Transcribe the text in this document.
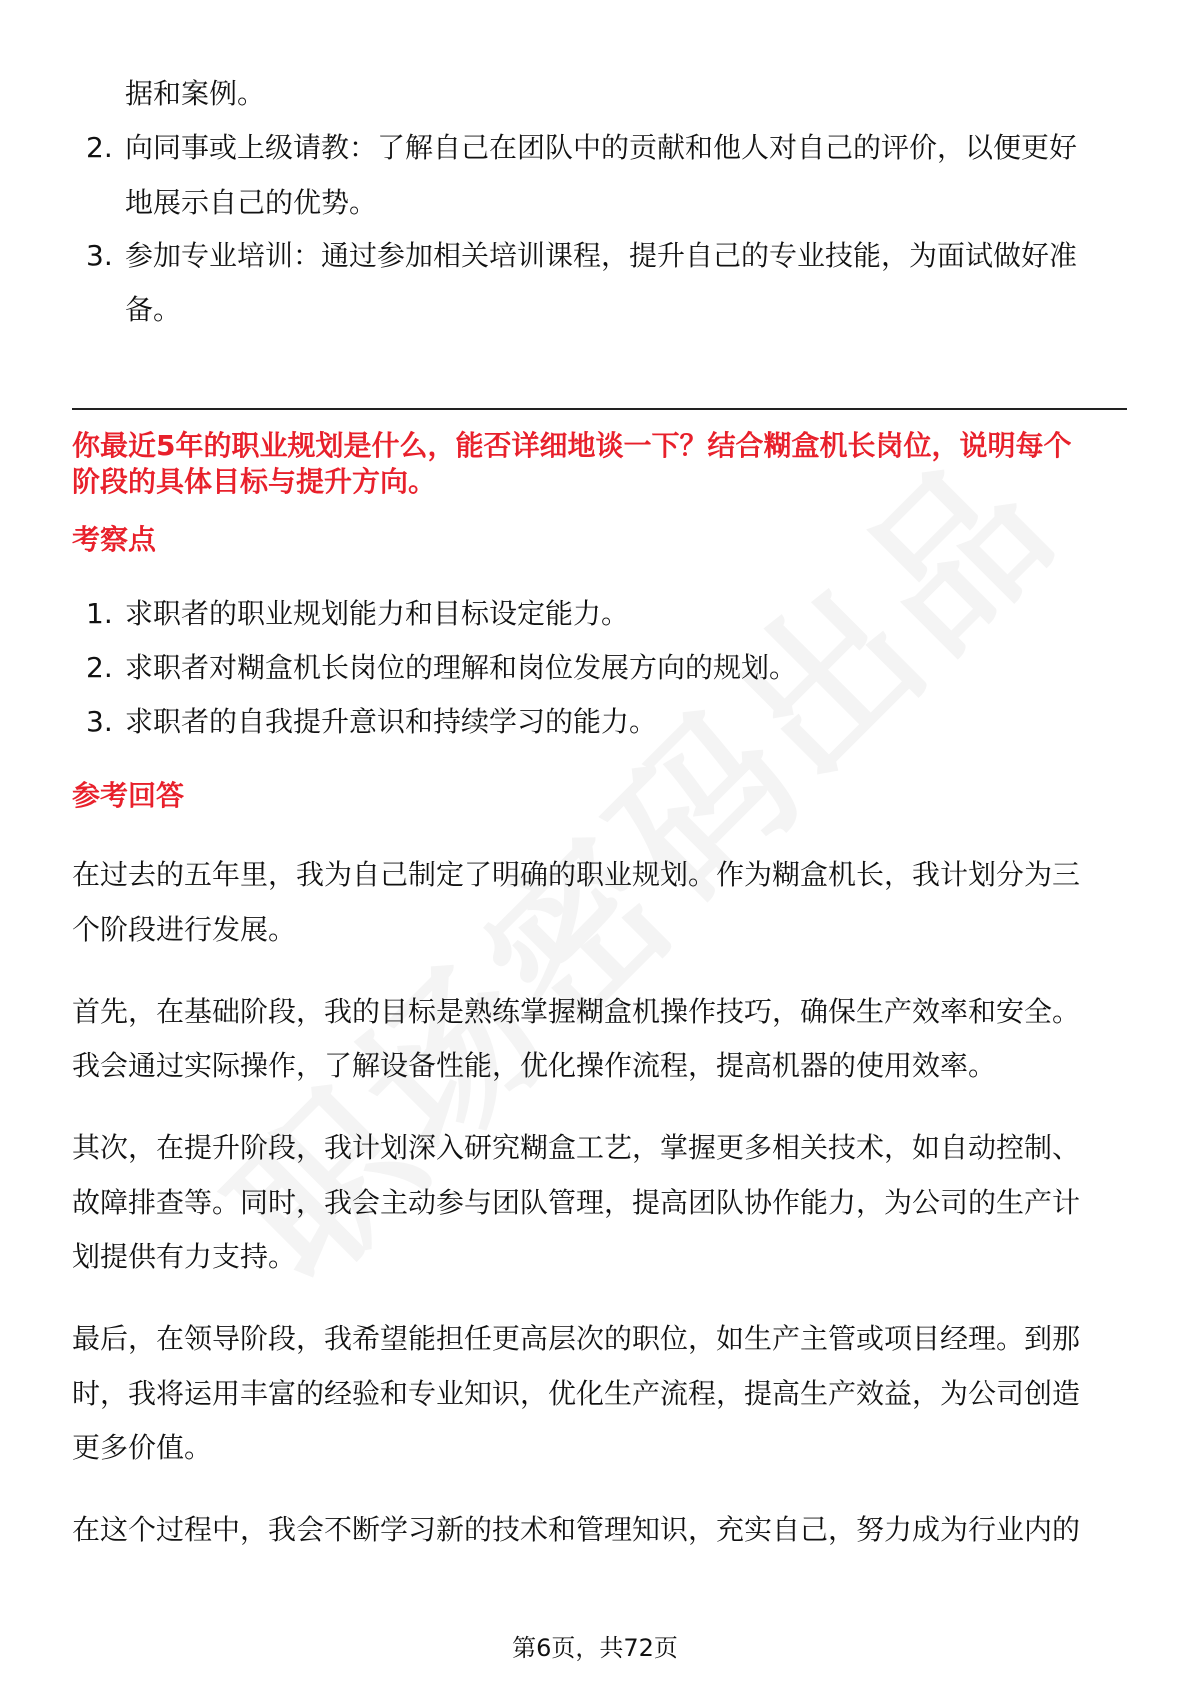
据和案例。
2. 向同事或上级请教：了解自己在团队中的贡献和他人对自己的评价，以便更好
地展示自己的优势。
3. 参加专业培训：通过参加相关培训课程，提升自己的专业技能，为面试做好准
备。
你最近5年的职业规划是什么，能否详细地谈一下？结合糊盒机长岗位，说明每个
阶段的具体目标与提升方向。
考察点
1. 求职者的职业规划能力和目标设定能力。
2. 求职者对糊盒机长岗位的理解和岗位发展方向的规划。
3. 求职者的自我提升意识和持续学习的能力。
参考回答
在过去的五年里，我为自己制定了明确的职业规划。作为糊盒机长，我计划分为三
个阶段进行发展。
首先，在基础阶段，我的目标是熟练掌握糊盒机操作技巧，确保生产效率和安全。
我会通过实际操作，了解设备性能，优化操作流程，提高机器的使用效率。
其次，在提升阶段，我计划深入研究糊盒工艺，掌握更多相关技术，如自动控制、
故障排查等。同时，我会主动参与团队管理，提高团队协作能力，为公司的生产计
划提供有力支持。
最后，在领导阶段，我希望能担任更高层次的职位，如生产主管或项目经理。到那
时，我将运用丰富的经验和专业知识，优化生产流程，提高生产效益，为公司创造
更多价值。
在这个过程中，我会不断学习新的技术和管理知识，充实自己，努力成为行业内的
第6页，共72页
